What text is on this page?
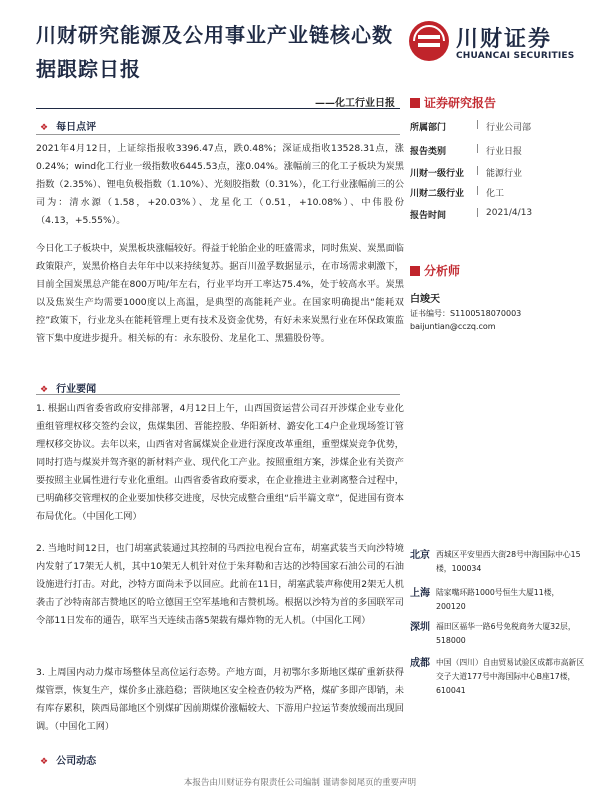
川财研究能源及公用事业产业链核心数据跟踪日报
川财证券
CHUANCAI SECURITIES
——化工行业日报
❖ 每日点评
2021年4月12日，上证综指报收3396.47点，跌0.48%；深证成指收13528.31点，涨0.24%；wind化工行业一级指数收6445.53点，涨0.04%。涨幅前三的化工子板块为炭黑指数（2.35%）、锂电负极指数（1.10%）、光刻胶指数（0.31%），化工行业涨幅前三的公司为：清水源（1.58，+20.03%）、龙星化工（0.51，+10.08%）、中伟股份（4.13，+5.55%）。
今日化工子板块中，炭黑板块涨幅较好。得益于轮胎企业的旺盛需求，同时焦炭、炭黑面临政策限产，炭黑价格自去年年中以来持续复苏。据百川盈孚数据显示，在市场需求刺激下，目前全国炭黑总产能在800万吨/年左右，行业平均开工率达75.4%，处于较高水平。炭黑以及焦炭生产均需要1000度以上高温，是典型的高能耗产业。在国家明确提出“能耗双控”政策下，行业龙头在能耗管理上更有技术及资金优势，有好未来炭黑行业在环保政策监管下集中度进步提升。相关标的有：永东股份、龙星化工、黑猫股份等。
❖ 行业要闻
1. 根据山西省委省政府安排部署，4月12日上午，山西国资运营公司召开涉煤企业专业化重组管理权移交签约会议，焦煤集团、晋能控股、华阳新材、潞安化工4户企业现场签订管理权移交协议。去年以来，山西省对省属煤炭企业进行深度改革重组，重塑煤炭竞争优势，同时打造与煤炭并驾齐驱的新材料产业、现代化工产业。按照重组方案，涉煤企业有关资产要按照主业属性进行专业化重组。山西省委省政府要求，在企业推进主业剥离整合过程中，已明确移交管理权的企业要加快移交进度，尽快完成整合重组“后半篇文章”，促进国有资本布局优化。（中国化工网）
2. 当地时间12日，也门胡塞武装通过其控制的马西拉电视台宣布，胡塞武装当天向沙特境内发射了17架无人机，其中10架无人机针对位于朱拜勒和吉达的沙特国家石油公司的石油设施进行打击。对此，沙特方面尚未予以回应。此前在11日，胡塞武装声称使用2架无人机袭击了沙特南部吉赞地区的哈立德国王空军基地和吉赞机场。根据以沙特为首的多国联军司令部11日发布的通告，联军当天连续击落5架载有爆炸物的无人机。（中国化工网）
3. 上周国内动力煤市场整体呈高位运行态势。产地方面，月初鄂尔多斯地区煤矿重新获得煤管票，恢复生产，煤价多止涨趋稳；晋陕地区安全检查仍较为严格，煤矿多即产即销，未有库存累积，陕西局部地区个别煤矿因前期煤价涨幅较大、下游用户拉运节奏放缓而出现回调。（中国化工网）
❖ 公司动态
证券研究报告
所属部门	| 行业公司部
报告类别	| 行业日报
川财一级行业 | 能源行业
川财二级行业 | 化工
报告时间	| 2021/4/13
分析师
白竣天
证书编号：S1100518070003
baijuntian@cczq.com
北京 西城区平安里西大街28号中海国际中心15楼，100034
上海 陆家嘴环路1000号恒生大厦11楼，200120
深圳 福田区福华一路6号免税商务大厦32层，518000
成都 中国（四川）自由贸易试验区成都市高新区交子大道177号中海国际中心B座17楼，610041
本报告由川财证券有限责任公司编制 谨请参阅尾页的重要声明
